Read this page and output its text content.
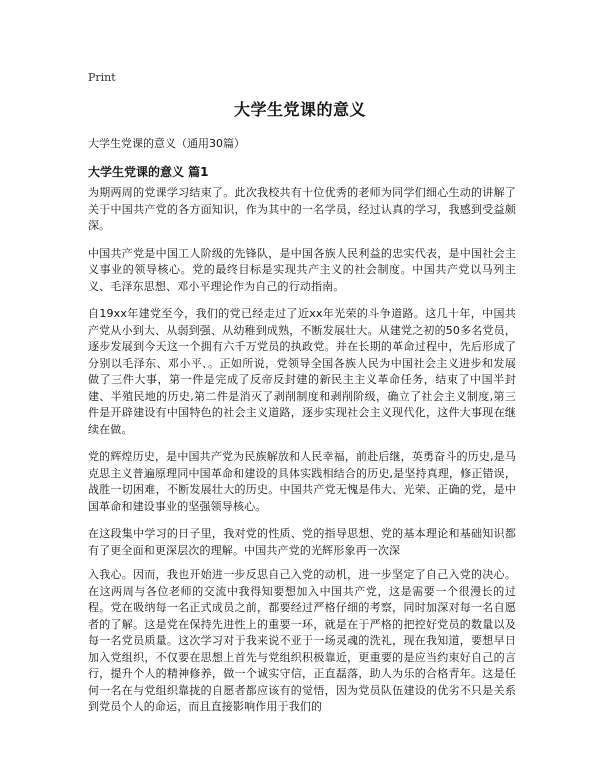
Print
大学生党课的意义
大学生党课的意义（通用30篇）
大学生党课的意义 篇1

为期两周的党课学习结束了。此次我校共有十位优秀的老师为同学们细心生动的讲解了关于中国共产党的各方面知识，作为其中的一名学员，经过认真的学习，我感到受益颇深。

中国共产党是中国工人阶级的先锋队，是中国各族人民利益的忠实代表，是中国社会主义事业的领导核心。党的最终目标是实现共产主义的社会制度。中国共产党以马列主义、毛泽东思想、邓小平理论作为自己的行动指南。

自19xx年建党至今，我们的党已经走过了近xx年光荣的斗争道路。这几十年，中国共产党从小到大、从弱到强、从幼稚到成熟，不断发展壮大。从建党之初的50多名党员，逐步发展到今天这一个拥有六千万党员的执政党。并在长期的革命过程中，先后形成了分别以毛泽东、邓小平、。正如所说，党领导全国各族人民为中国社会主义进步和发展做了三件大事，第一件是完成了反帝反封建的新民主主义革命任务，结束了中国半封建、半殖民地的历史,第二件是消灭了剥削制度和剥削阶级，确立了社会主义制度,第三件是开辟建设有中国特色的社会主义道路，逐步实现社会主义现代化，这件大事现在继续在做。

党的辉煌历史，是中国共产党为民族解放和人民幸福，前赴后继，英勇奋斗的历史,是马克思主义普遍原理同中国革命和建设的具体实践相结合的历史,是坚持真理，修正错误，战胜一切困难，不断发展壮大的历史。中国共产党无愧是伟大、光荣、正确的党，是中国革命和建设事业的坚强领导核心。

在这段集中学习的日子里，我对党的性质、党的指导思想、党的基本理论和基础知识都有了更全面和更深层次的理解。中国共产党的光辉形象再一次深

入我心。因而，我也开始进一步反思自己入党的动机，进一步坚定了自己入党的决心。在这两周与各位老师的交流中我得知要想加入中国共产党，这是需要一个很漫长的过程。党在吸纳每一名正式成员之前，都要经过严格仔细的考察，同时加深对每一名自愿者的了解。这是党在保持先进性上的重要一环，就是在于严格的把控好党员的数量以及每一名党员质量。这次学习对于我来说不亚于一场灵魂的洗礼，现在我知道，要想早日加入党组织，不仅要在思想上首先与党组织积极靠近，更重要的是应当约束好自己的言行，提升个人的精神修养，做一个诚实守信，正直磊落，助人为乐的合格青年。这是任何一名在与党组织靠拢的自愿者都应该有的觉悟，因为党员队伍建设的优劣不只是关系到党员个人的命运，而且直接影响作用于我们的
